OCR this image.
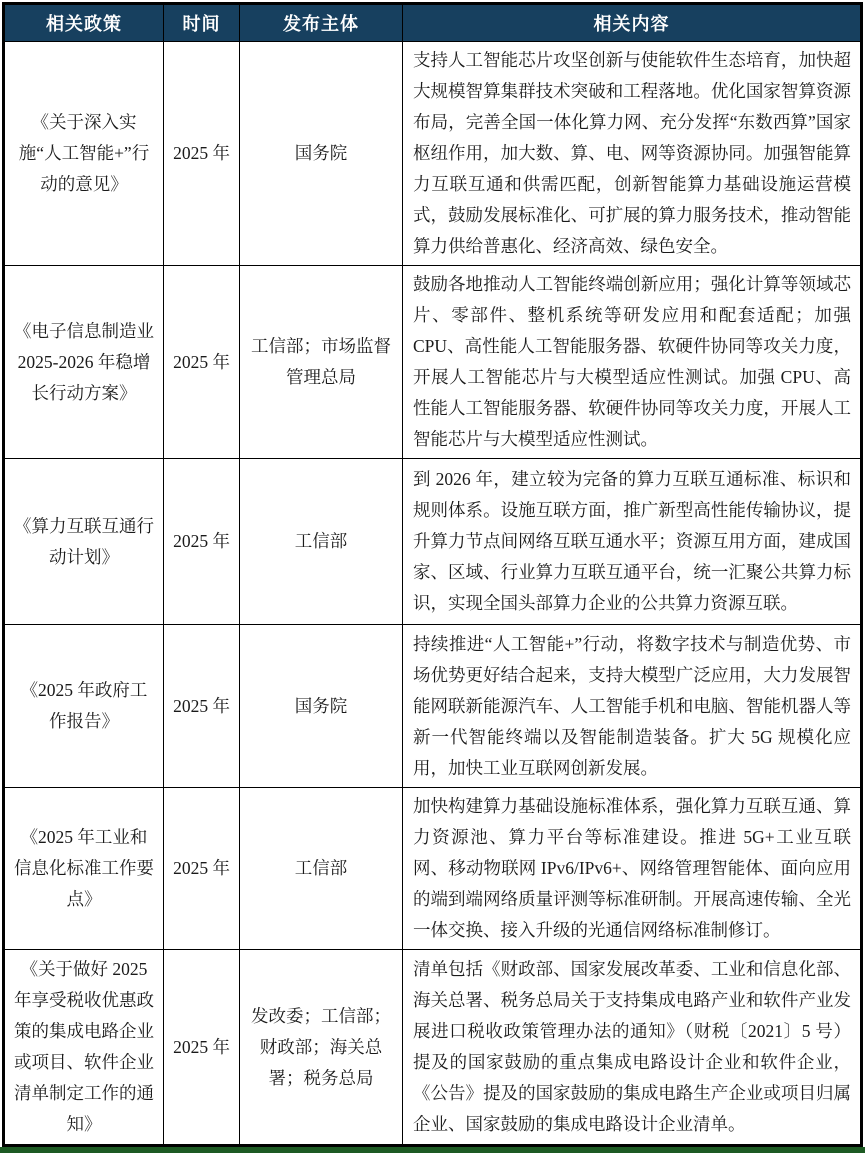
相关政策	时间	发布主体	相关内容
《关于深入实施“人工智能+”行动的意见》	2025 年	国务院	支持人工智能芯片攻坚创新与使能软件生态培育，加快超大规模智算集群技术突破和工程落地。优化国家智算资源布局，完善全国一体化算力网、充分发挥“东数西算”国家枢纽作用，加大数、算、电、网等资源协同。加强智能算力互联互通和供需匹配，创新智能算力基础设施运营模式，鼓励发展标准化、可扩展的算力服务技术，推动智能算力供给普惠化、经济高效、绿色安全。
《电子信息制造业 2025-2026 年稳增长行动方案》	2025 年	工信部；市场监督管理总局	鼓励各地推动人工智能终端创新应用；强化计算等领域芯片、零部件、整机系统等研发应用和配套适配；加强 CPU、高性能人工智能服务器、软硬件协同等攻关力度，开展人工智能芯片与大模型适应性测试。加强 CPU、高性能人工智能服务器、软硬件协同等攻关力度，开展人工智能芯片与大模型适应性测试。
《算力互联互通行动计划》	2025 年	工信部	到 2026 年，建立较为完备的算力互联互通标准、标识和规则体系。设施互联方面，推广新型高性能传输协议，提升算力节点间网络互联互通水平；资源互用方面，建成国家、区域、行业算力互联互通平台，统一汇聚公共算力标识，实现全国头部算力企业的公共算力资源互联。
《2025 年政府工作报告》	2025 年	国务院	持续推进“人工智能+”行动，将数字技术与制造优势、市场优势更好结合起来，支持大模型广泛应用，大力发展智能网联新能源汽车、人工智能手机和电脑、智能机器人等新一代智能终端以及智能制造装备。扩大 5G 规模化应用，加快工业互联网创新发展。
《2025 年工业和信息化标准工作要点》	2025 年	工信部	加快构建算力基础设施标准体系，强化算力互联互通、算力资源池、算力平台等标准建设。推进 5G+工业互联网、移动物联网 IPv6/IPv6+、网络管理智能体、面向应用的端到端网络质量评测等标准研制。开展高速传输、全光一体交换、接入升级的光通信网络标准制修订。
《关于做好 2025 年享受税收优惠政策的集成电路企业或项目、软件企业清单制定工作的通知》	2025 年	发改委；工信部；财政部；海关总署；税务总局	清单包括《财政部、国家发展改革委、工业和信息化部、海关总署、税务总局关于支持集成电路产业和软件产业发展进口税收政策管理办法的通知》（财税〔2021〕5 号）提及的国家鼓励的重点集成电路设计企业和软件企业，《公告》提及的国家鼓励的集成电路生产企业或项目归属企业、国家鼓励的集成电路设计企业清单。
